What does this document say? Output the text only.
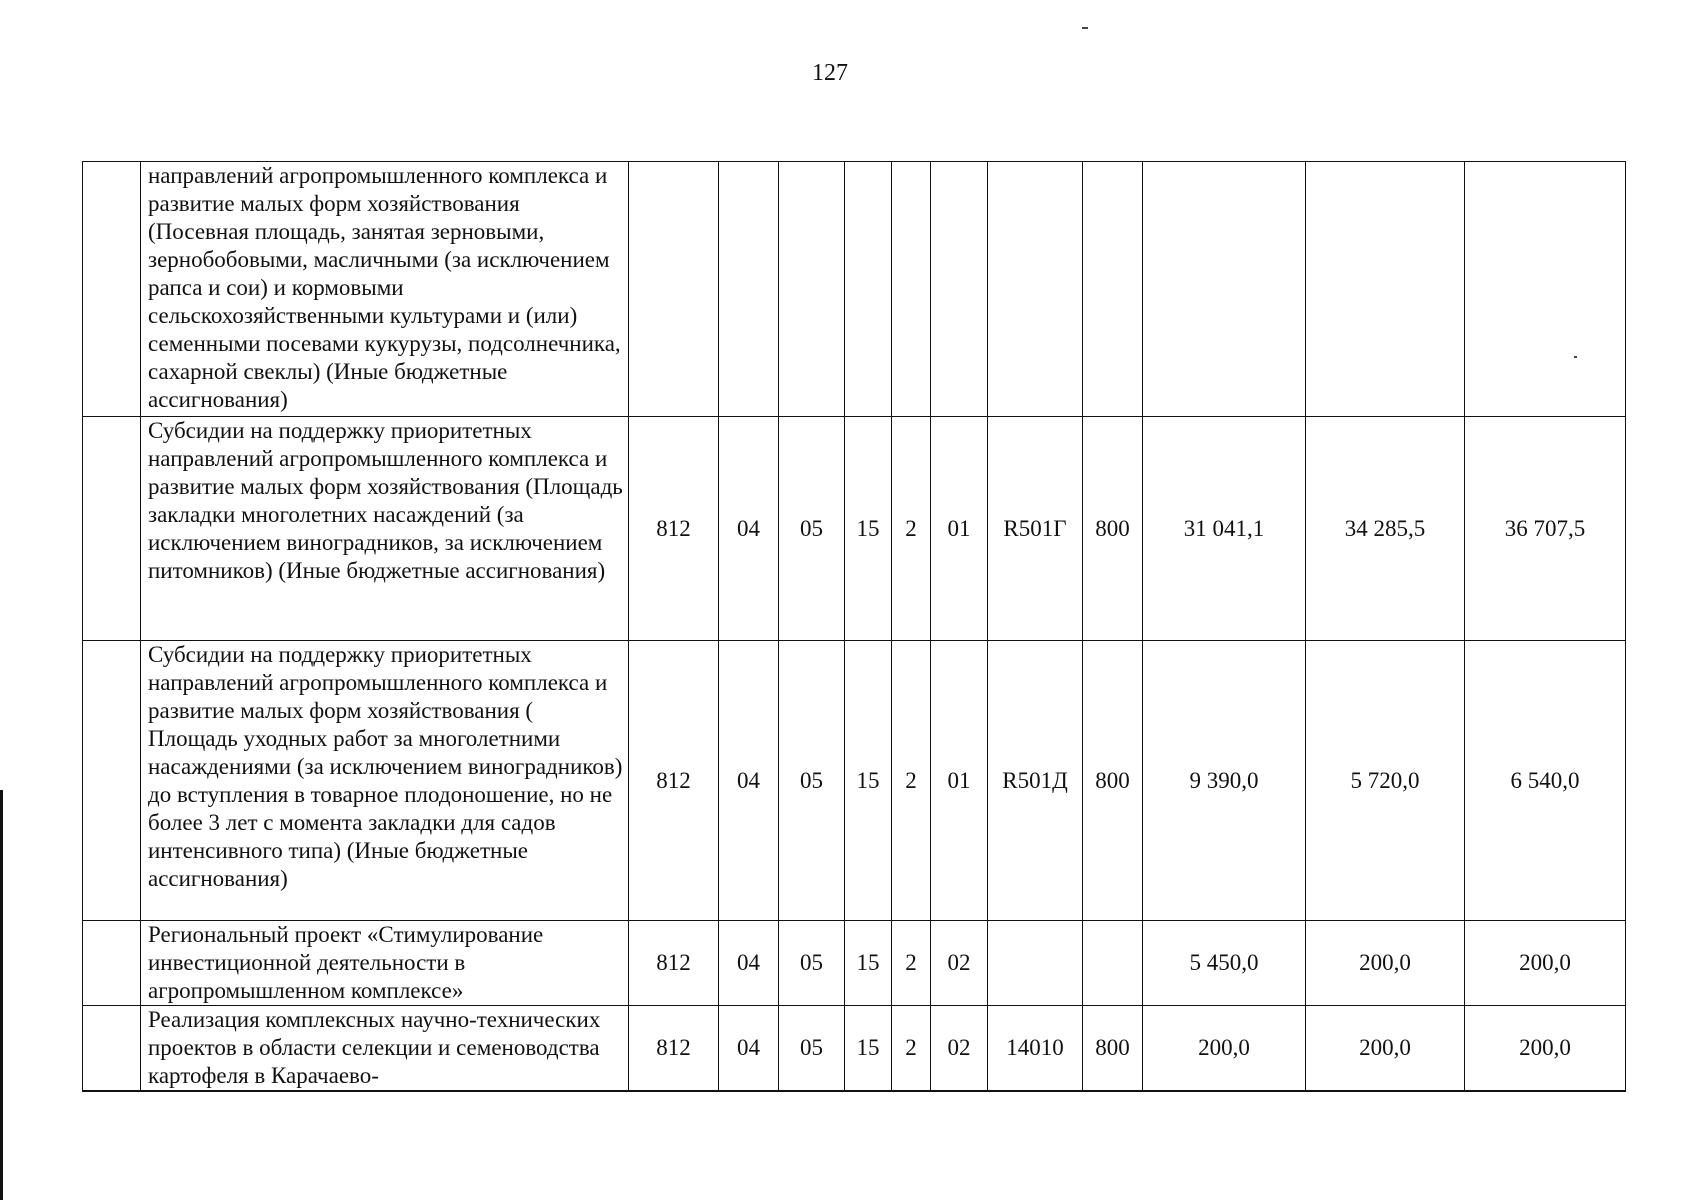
127
	направлений агропромышленного комплекса и развитие малых форм хозяйствования (Посевная площадь, занятая зерновыми, зернобобовыми, масличными (за исключением рапса и сои) и кормовыми сельскохозяйственными культурами и (или) семенными посевами кукурузы, подсолнечника, сахарной свеклы) (Иные бюджетные ассигнования)											
	Субсидии на поддержку приоритетных направлений агропромышленного комплекса и развитие малых форм хозяйствования (Площадь закладки многолетних насаждений (за исключением виноградников, за исключением питомников) (Иные бюджетные ассигнования)	812	04	05	15	2	01	R501Г	800	31 041,1	34 285,5	36 707,5
	Субсидии на поддержку приоритетных направлений агропромышленного комплекса и развитие малых форм хозяйствования ( Площадь уходных работ за многолетними насаждениями (за исключением виноградников) до вступления в товарное плодоношение, но не более 3 лет с момента закладки для садов интенсивного типа) (Иные бюджетные ассигнования)	812	04	05	15	2	01	R501Д	800	9 390,0	5 720,0	6 540,0
	Региональный проект «Стимулирование инвестиционной деятельности в агропромышленном комплексе»	812	04	05	15	2	02			5 450,0	200,0	200,0
	Реализация комплексных научно-технических проектов в области селекции и семеноводства картофеля в Карачаево-	812	04	05	15	2	02	14010	800	200,0	200,0	200,0
